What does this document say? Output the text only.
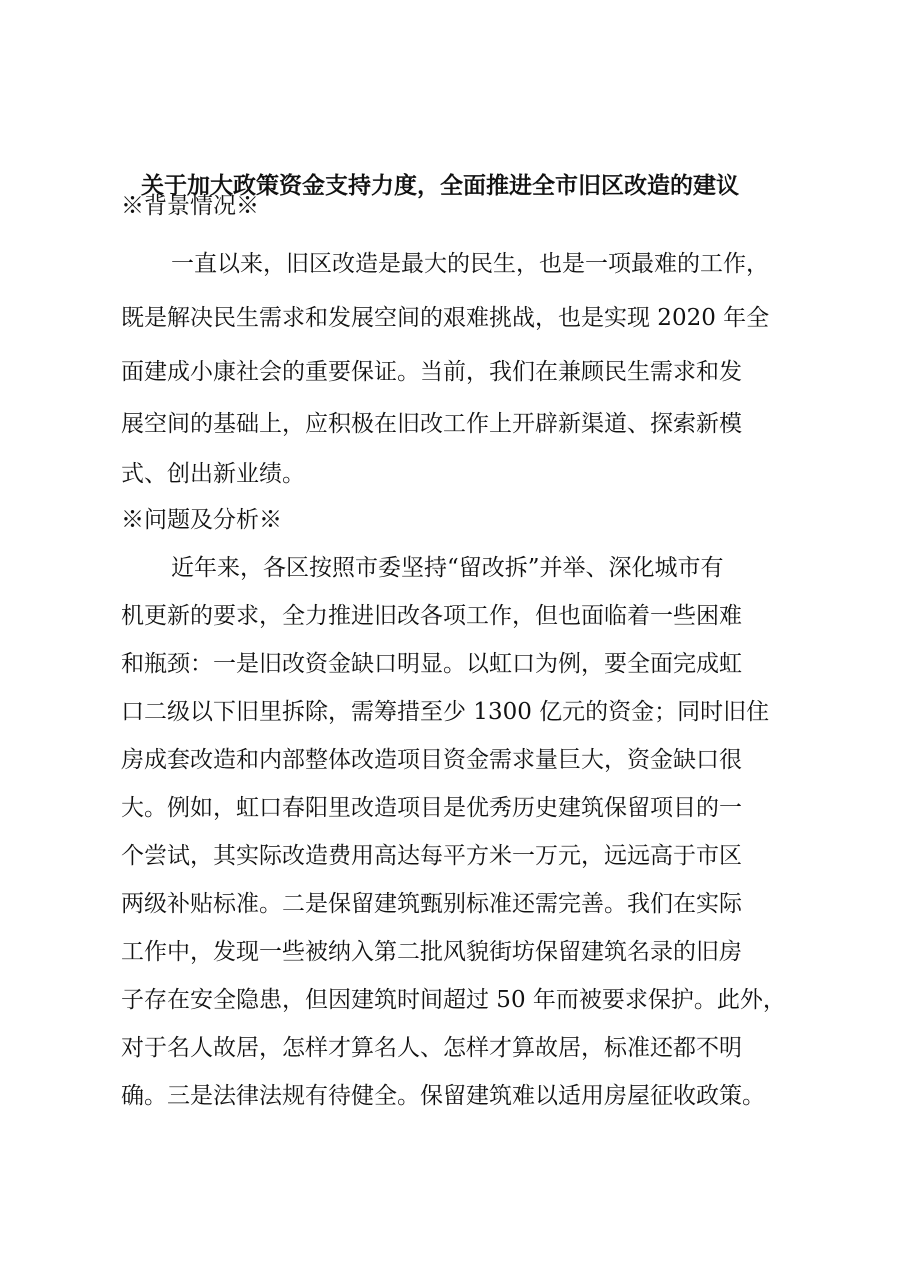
关于加大政策资金支持力度，全面推进全市旧区改造的建议
※背景情况※
一直以来，旧区改造是最大的民生，也是一项最难的工作，
既是解决民生需求和发展空间的艰难挑战，也是实现 2020 年全
面建成小康社会的重要保证。当前，我们在兼顾民生需求和发
展空间的基础上，应积极在旧改工作上开辟新渠道、探索新模
式、创出新业绩。
※问题及分析※
近年来，各区按照市委坚持“留改拆”并举、深化城市有
机更新的要求，全力推进旧改各项工作，但也面临着一些困难
和瓶颈：一是旧改资金缺口明显。以虹口为例，要全面完成虹
口二级以下旧里拆除，需筹措至少 1300 亿元的资金；同时旧住
房成套改造和内部整体改造项目资金需求量巨大，资金缺口很
大。例如，虹口春阳里改造项目是优秀历史建筑保留项目的一
个尝试，其实际改造费用高达每平方米一万元，远远高于市区
两级补贴标准。二是保留建筑甄别标准还需完善。我们在实际
工作中，发现一些被纳入第二批风貌街坊保留建筑名录的旧房
子存在安全隐患，但因建筑时间超过 50 年而被要求保护。此外，
对于名人故居，怎样才算名人、怎样才算故居，标准还都不明
确。三是法律法规有待健全。保留建筑难以适用房屋征收政策。
